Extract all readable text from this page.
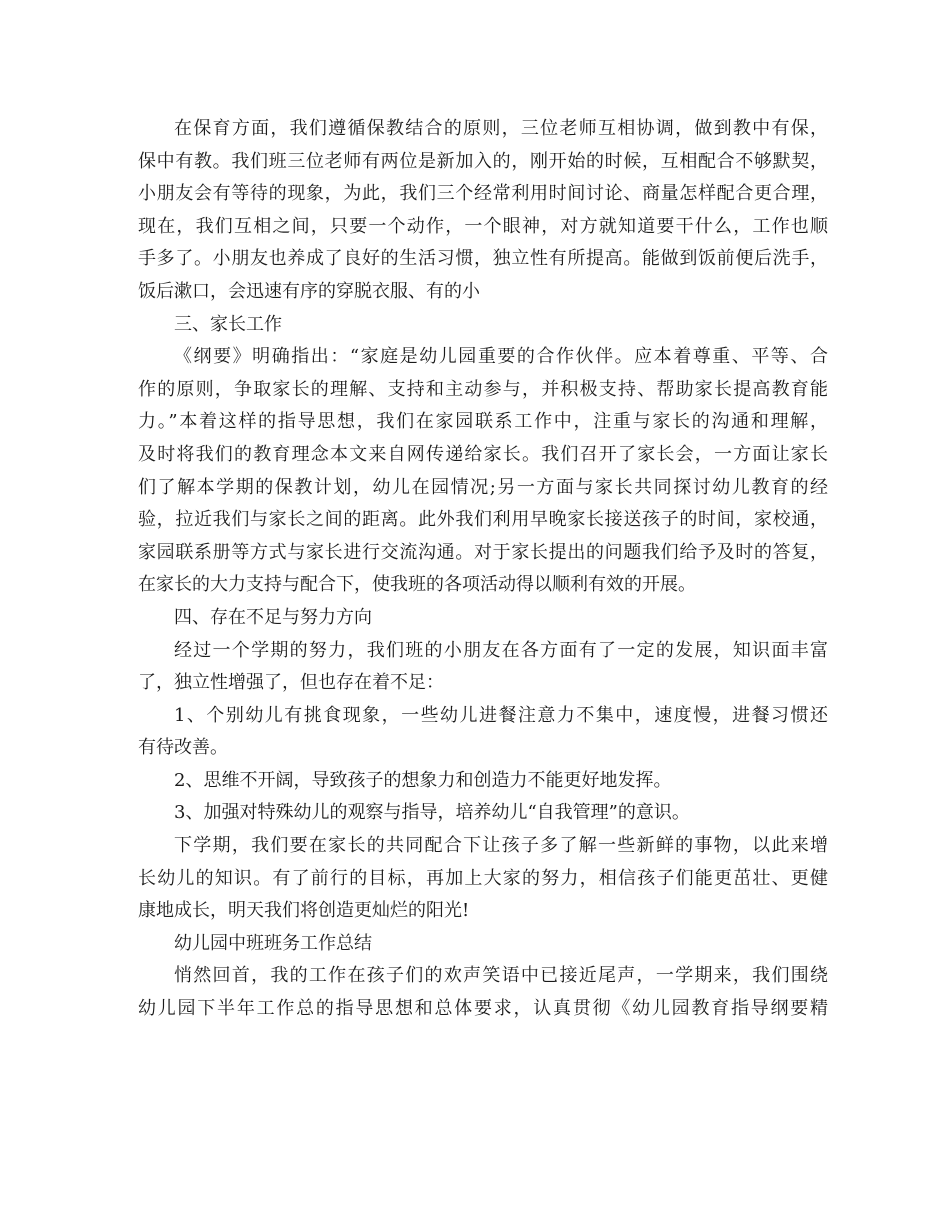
在保育方面，我们遵循保教结合的原则，三位老师互相协调，做到教中有保，
保中有教。我们班三位老师有两位是新加入的，刚开始的时候，互相配合不够默契，
小朋友会有等待的现象，为此，我们三个经常利用时间讨论、商量怎样配合更合理，
现在，我们互相之间，只要一个动作，一个眼神，对方就知道要干什么，工作也顺
手多了。小朋友也养成了良好的生活习惯，独立性有所提高。能做到饭前便后洗手，
饭后漱口，会迅速有序的穿脱衣服、有的小
三、家长工作
《纲要》明确指出：“家庭是幼儿园重要的合作伙伴。应本着尊重、平等、合
作的原则，争取家长的理解、支持和主动参与，并积极支持、帮助家长提高教育能
力。”本着这样的指导思想，我们在家园联系工作中，注重与家长的沟通和理解，
及时将我们的教育理念本文来自网传递给家长。我们召开了家长会，一方面让家长
们了解本学期的保教计划，幼儿在园情况;另一方面与家长共同探讨幼儿教育的经
验，拉近我们与家长之间的距离。此外我们利用早晚家长接送孩子的时间，家校通，
家园联系册等方式与家长进行交流沟通。对于家长提出的问题我们给予及时的答复，
在家长的大力支持与配合下，使我班的各项活动得以顺利有效的开展。
四、存在不足与努力方向
经过一个学期的努力，我们班的小朋友在各方面有了一定的发展，知识面丰富
了，独立性增强了，但也存在着不足：
1、个别幼儿有挑食现象，一些幼儿进餐注意力不集中，速度慢，进餐习惯还
有待改善。
2、思维不开阔，导致孩子的想象力和创造力不能更好地发挥。
3、加强对特殊幼儿的观察与指导，培养幼儿“自我管理”的意识。
下学期，我们要在家长的共同配合下让孩子多了解一些新鲜的事物，以此来增
长幼儿的知识。有了前行的目标，再加上大家的努力，相信孩子们能更茁壮、更健
康地成长，明天我们将创造更灿烂的阳光!
幼儿园中班班务工作总结
悄然回首，我的工作在孩子们的欢声笑语中已接近尾声，一学期来，我们围绕
幼儿园下半年工作总的指导思想和总体要求，认真贯彻《幼儿园教育指导纲要精
